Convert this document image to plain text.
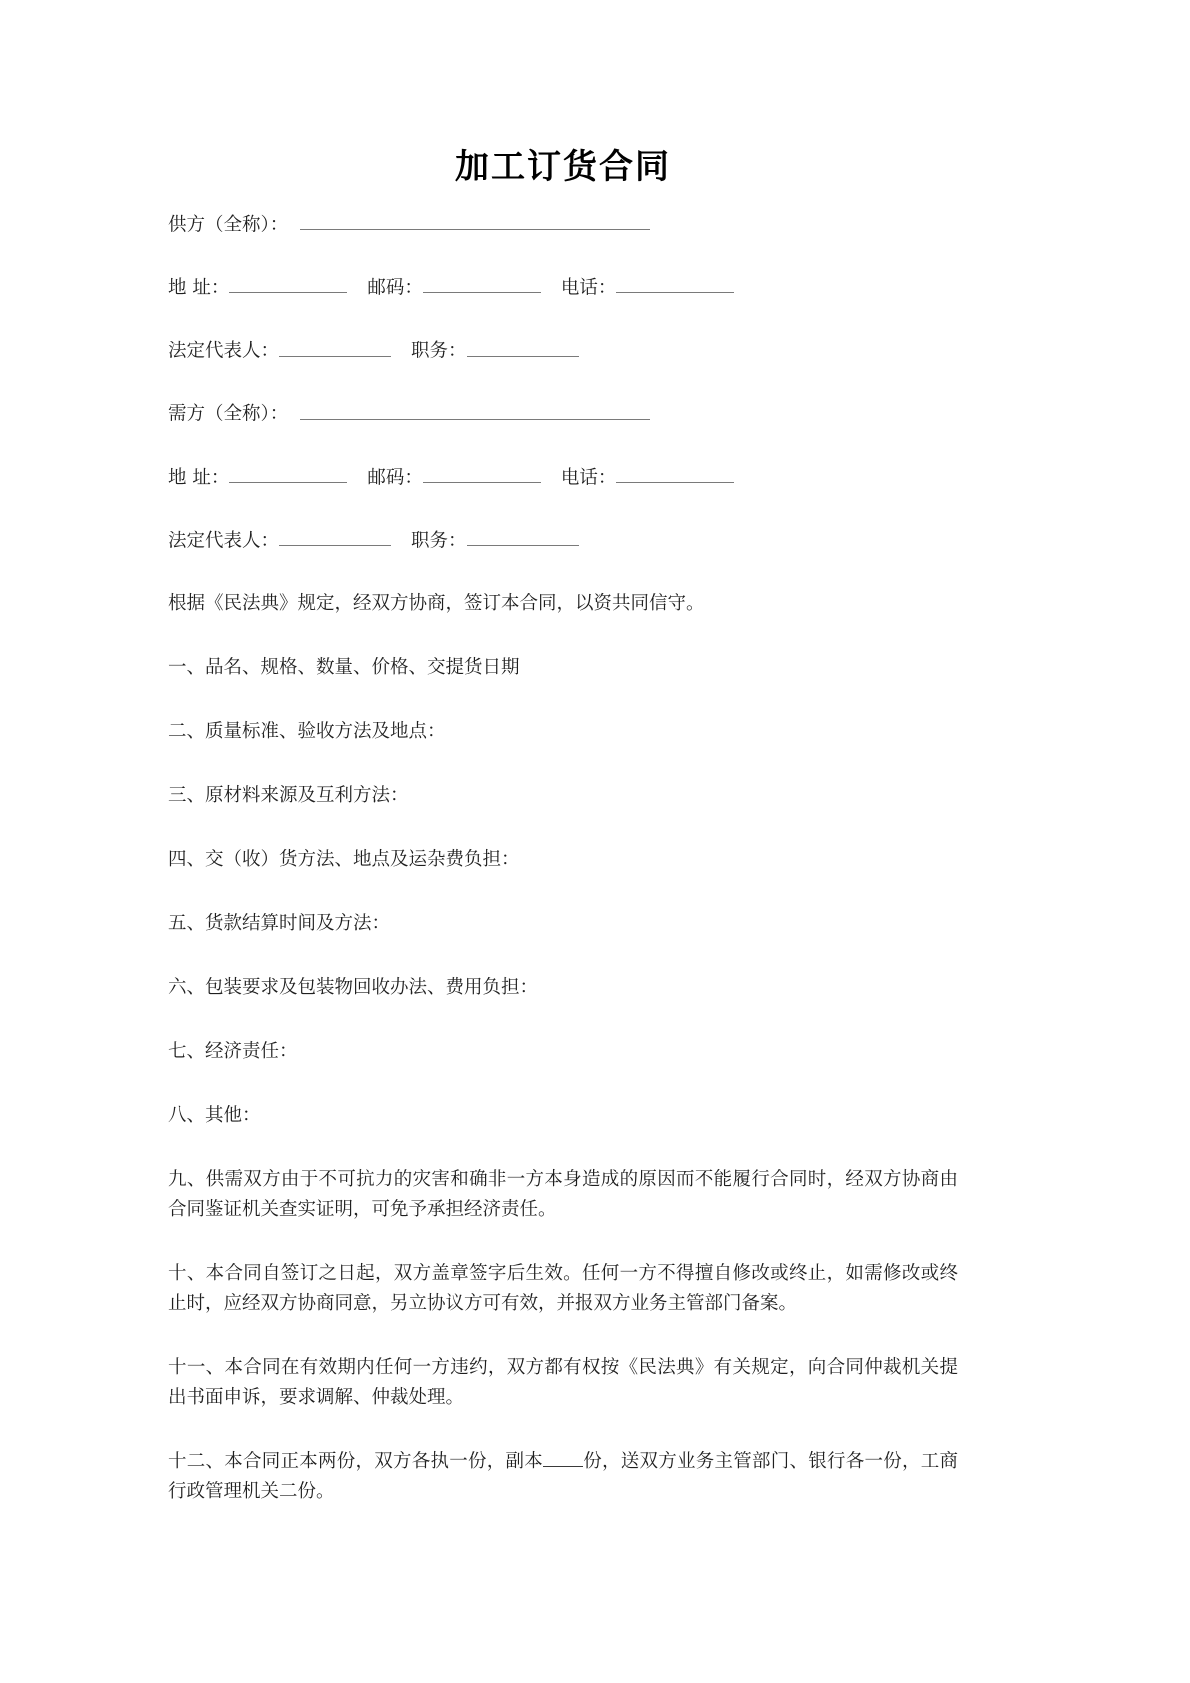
加工订货合同
供方（全称）：
地 址：	邮码：	电话：
法定代表人：	职务：
需方（全称）：
地 址：	邮码：	电话：
法定代表人：	职务：

根据《民法典》规定，经双方协商，签订本合同，以资共同信守。

一、品名、规格、数量、价格、交提货日期

二、质量标准、验收方法及地点：

三、原材料来源及互利方法：

四、交（收）货方法、地点及运杂费负担：

五、货款结算时间及方法：

六、包装要求及包装物回收办法、费用负担：

七、经济责任：

八、其他：

九、供需双方由于不可抗力的灾害和确非一方本身造成的原因而不能履行合同时，经双方协商由合同鉴证机关查实证明，可免予承担经济责任。

十、本合同自签订之日起，双方盖章签字后生效。任何一方不得擅自修改或终止，如需修改或终止时，应经双方协商同意，另立协议方可有效，并报双方业务主管部门备案。

十一、本合同在有效期内任何一方违约，双方都有权按《民法典》有关规定，向合同仲裁机关提出书面申诉，要求调解、仲裁处理。

十二、本合同正本两份，双方各执一份，副本 份，送双方业务主管部门、银行各一份，工商行政管理机关二份。
